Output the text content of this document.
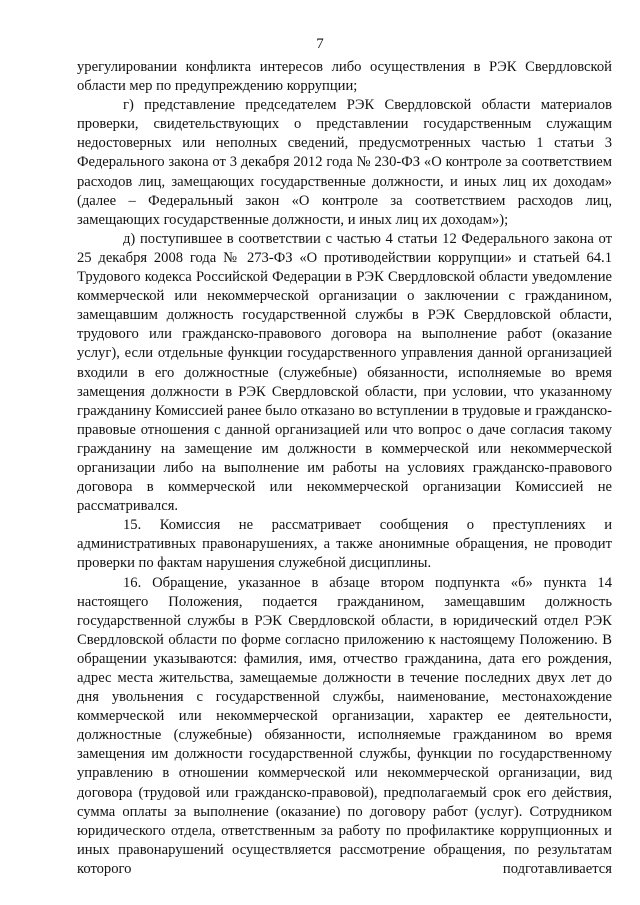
7

урегулировании конфликта интересов либо осуществления в РЭК Свердловской области мер по предупреждению коррупции;

г) представление председателем РЭК Свердловской области материалов проверки, свидетельствующих о представлении государственным служащим недостоверных или неполных сведений, предусмотренных частью 1 статьи 3 Федерального закона от 3 декабря 2012 года № 230-ФЗ «О контроле за соответствием расходов лиц, замещающих государственные должности, и иных лиц их доходам» (далее – Федеральный закон «О контроле за соответствием расходов лиц, замещающих государственные должности, и иных лиц их доходам»);

д) поступившее в соответствии с частью 4 статьи 12 Федерального закона от 25 декабря 2008 года № 273-ФЗ «О противодействии коррупции» и статьей 64.1 Трудового кодекса Российской Федерации в РЭК Свердловской области уведомление коммерческой или некоммерческой организации о заключении с гражданином, замещавшим должность государственной службы в РЭК Свердловской области, трудового или гражданско-правового договора на выполнение работ (оказание услуг), если отдельные функции государственного управления данной организацией входили в его должностные (служебные) обязанности, исполняемые во время замещения должности в РЭК Свердловской области, при условии, что указанному гражданину Комиссией ранее было отказано во вступлении в трудовые и гражданско-правовые отношения с данной организацией или что вопрос о даче согласия такому гражданину на замещение им должности в коммерческой или некоммерческой организации либо на выполнение им работы на условиях гражданско-правового договора в коммерческой или некоммерческой организации Комиссией не рассматривался.

15. Комиссия не рассматривает сообщения о преступлениях и административных правонарушениях, а также анонимные обращения, не проводит проверки по фактам нарушения служебной дисциплины.

16. Обращение, указанное в абзаце втором подпункта «б» пункта 14 настоящего Положения, подается гражданином, замещавшим должность государственной службы в РЭК Свердловской области, в юридический отдел РЭК Свердловской области по форме согласно приложению к настоящему Положению. В обращении указываются: фамилия, имя, отчество гражданина, дата его рождения, адрес места жительства, замещаемые должности в течение последних двух лет до дня увольнения с государственной службы, наименование, местонахождение коммерческой или некоммерческой организации, характер ее деятельности, должностные (служебные) обязанности, исполняемые гражданином во время замещения им должности государственной службы, функции по государственному управлению в отношении коммерческой или некоммерческой организации, вид договора (трудовой или гражданско-правовой), предполагаемый срок его действия, сумма оплаты за выполнение (оказание) по договору работ (услуг). Сотрудником юридического отдела, ответственным за работу по профилактике коррупционных и иных правонарушений осуществляется рассмотрение обращения, по результатам которого подготавливается
